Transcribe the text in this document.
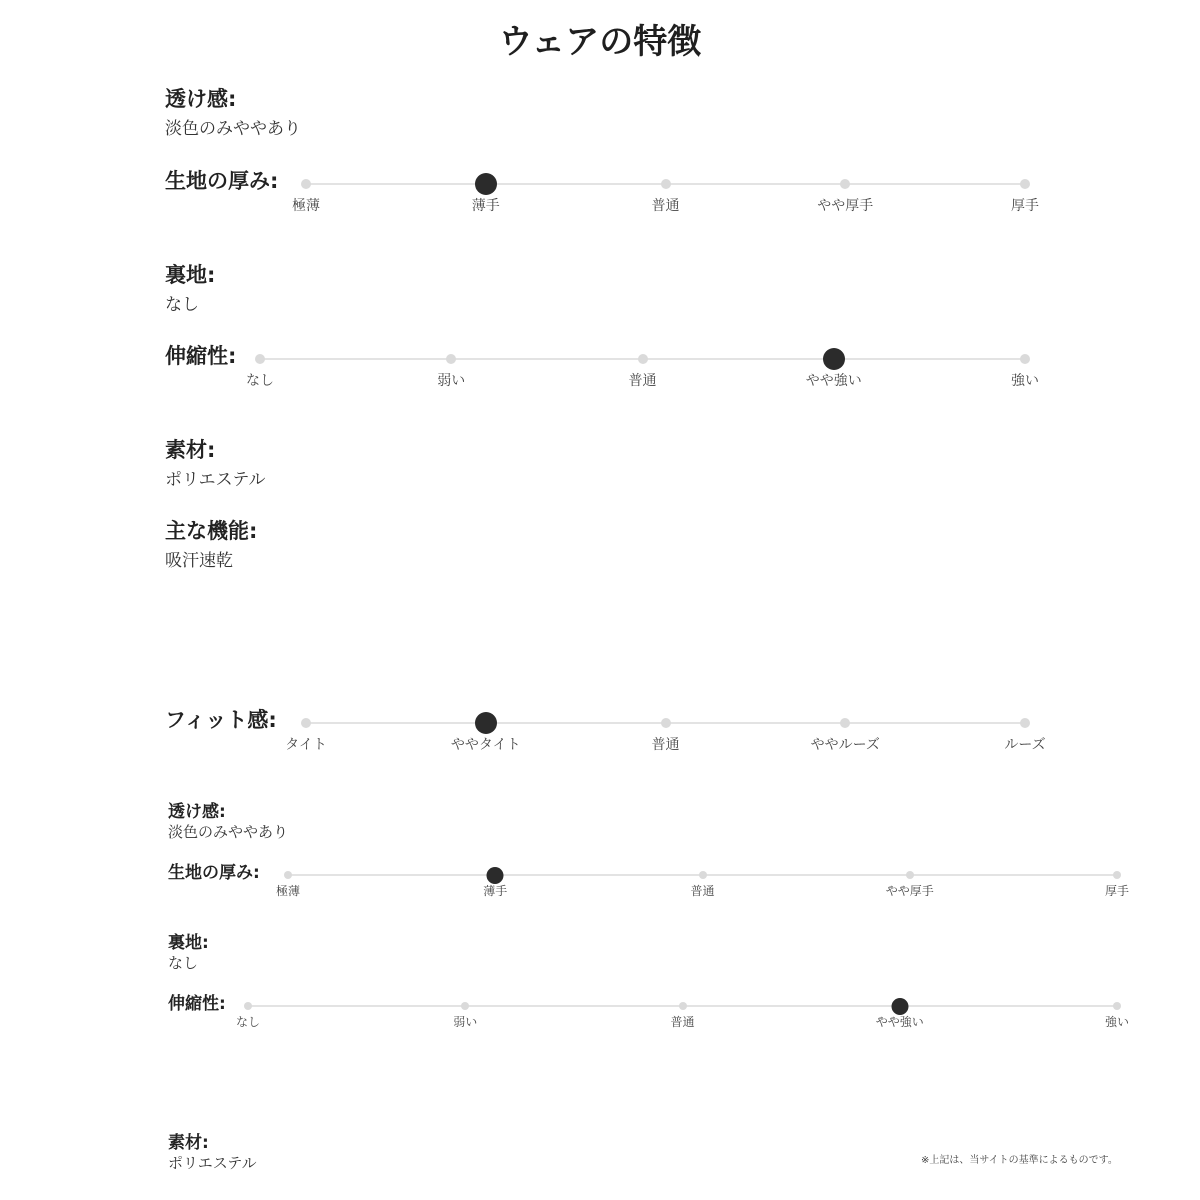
ウェアの特徴
透け感:
淡色のみややあり
生地の厚み:
極薄	薄手	普通	やや厚手	厚手
裏地:
なし
伸縮性:
なし	弱い	普通	やや強い	強い
素材:
ポリエステル
主な機能:
吸汗速乾
フィット感:
タイト	ややタイト	普通	ややルーズ	ルーズ
透け感:
淡色のみややあり
生地の厚み:
極薄	薄手	普通	やや厚手	厚手
裏地:
なし
伸縮性:
なし	弱い	普通	やや強い	強い
素材:
ポリエステル	※上記は、当サイトの基準によるものです。
